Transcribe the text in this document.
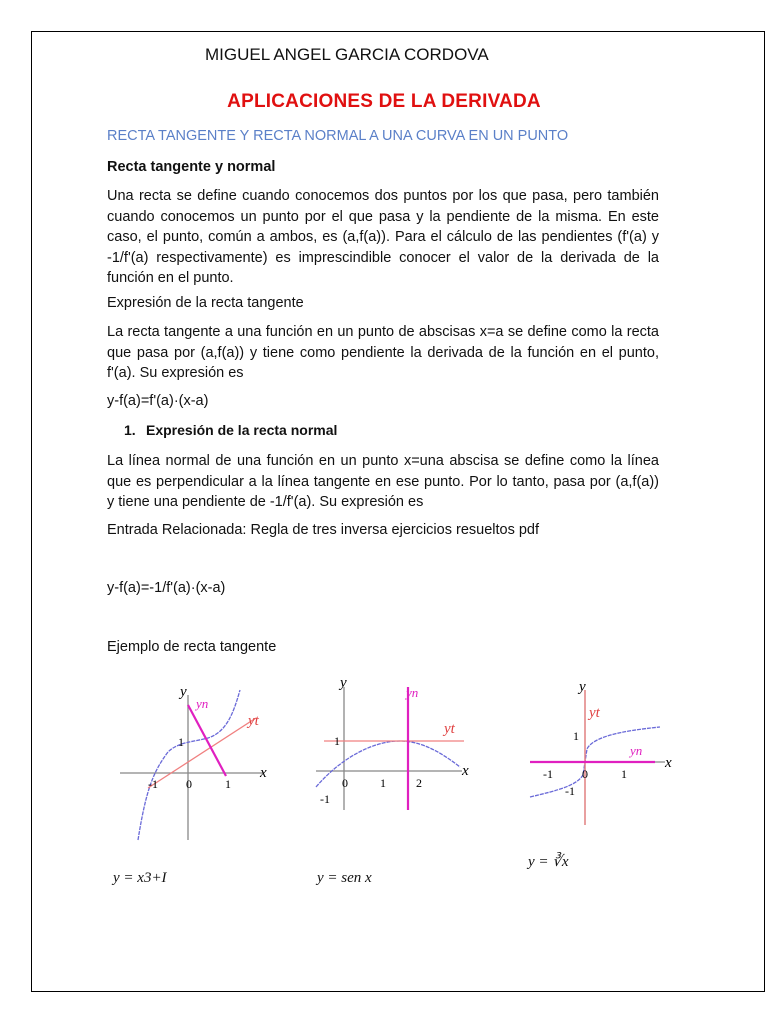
MIGUEL ANGEL GARCIA CORDOVA
APLICACIONES DE LA DERIVADA
RECTA TANGENTE Y RECTA NORMAL A UNA CURVA EN UN PUNTO
Recta tangente y normal
Una recta se define cuando conocemos dos puntos por los que pasa, pero también cuando conocemos un punto por el que pasa y la pendiente de la misma. En este caso, el punto, común a ambos, es (a,f(a)). Para el cálculo de las pendientes (f'(a) y -1/f'(a) respectivamente) es imprescindible conocer el valor de la derivada de la función en el punto.
Expresión de la recta tangente
La recta tangente a una función en un punto de abscisas x=a se define como la recta que pasa por (a,f(a)) y tiene como pendiente la derivada de la función en el punto, f'(a). Su expresión es
y-f(a)=f'(a)·(x-a)
1. Expresión de la recta normal
La línea normal de una función en un punto x=una abscisa se define como la línea que es perpendicular a la línea tangente en ese punto. Por lo tanto, pasa por (a,f(a)) y tiene una pendiente de -1/f'(a). Su expresión es
Entrada Relacionada: Regla de tres inversa ejercicios resueltos pdf
y-f(a)=-1/f'(a)·(x-a)
Ejemplo de recta tangente
y
x
yn
yt
1
-1 0	1
y = x3+I
y
x
yn
yt
1
0	1	2
-1
y = sen x
y
x
yt
yn
1
-1 0	1
-1
y = ∛x
